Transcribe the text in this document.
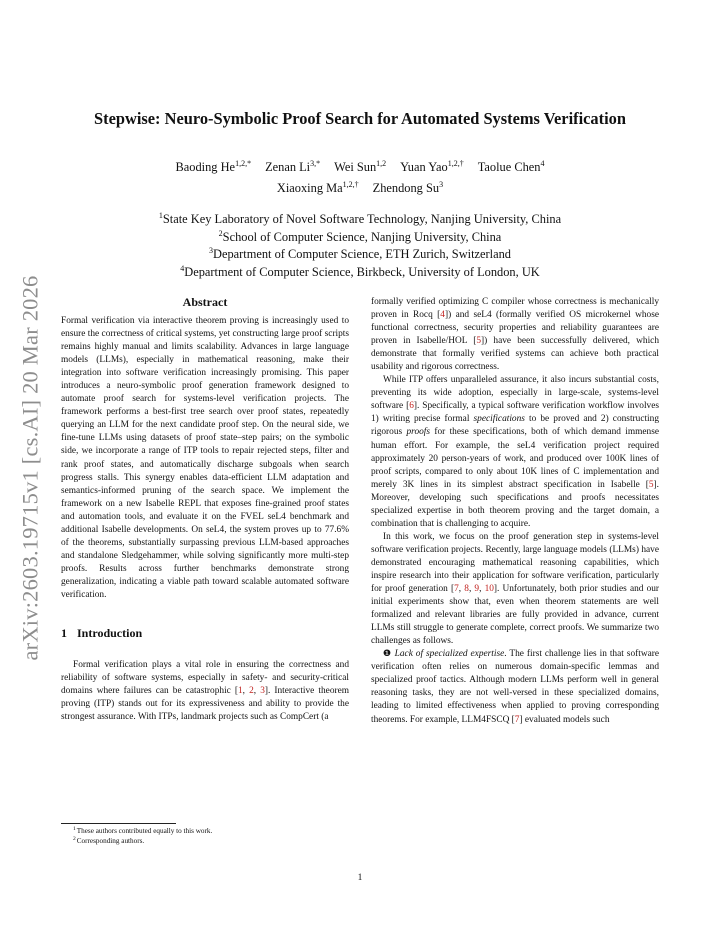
arXiv:2603.19715v1 [cs.AI] 20 Mar 2026
Stepwise: Neuro-Symbolic Proof Search for Automated Systems Verification
Baoding $He^{1,2,*}$ Zenan $Li^{3,*}$ Wei Sun$^{1,2}$ Yuan Yao$^{1,2,\dagger}$ Taolue Chen$^4$
Xiaoxing $Ma^{1,2,\dagger}$ Zhendong Su$^3$
$^1$State Key Laboratory of Novel Software Technology, Nanjing University, China
$^2$School of Computer Science, Nanjing University, China
$^3$Department of Computer Science, ETH Zurich, Switzerland
$^4$Department of Computer Science, Birkbeck, University of London, UK
Abstract

Formal verification via interactive theorem proving is increasingly used to ensure the correctness of critical systems, yet constructing large proof scripts remains highly manual and limits scalability. Advances in large language models (LLMs), especially in mathematical reasoning, make their integration into software verification increasingly promising. This paper introduces a neuro-symbolic proof generation framework designed to automate proof search for systems-level verification projects. The framework performs a best-first tree search over proof states, repeatedly querying an LLM for the next candidate proof step. On the neural side, we fine-tune LLMs using datasets of proof state–step pairs; on the symbolic side, we incorporate a range of ITP tools to repair rejected steps, filter and rank proof states, and automatically discharge subgoals when search progress stalls. This synergy enables data-efficient LLM adaptation and semantics-informed pruning of the search space. We implement the framework on a new Isabelle REPL that exposes fine-grained proof states and automation tools, and evaluate it on the FVEL seL4 benchmark and additional Isabelle developments. On seL4, the system proves up to 77.6% of the theorems, substantially surpassing previous LLM-based approaches and standalone Sledgehammer, while solving significantly more multi-step proofs. Results across further benchmarks demonstrate strong generalization, indicating a viable path toward scalable automated software verification.

1 Introduction

Formal verification plays a vital role in ensuring the correctness and reliability of software systems, especially in safety- and security-critical domains where failures can be catastrophic [1, 2, 3]. Interactive theorem proving (ITP) stands out for its expressiveness and ability to provide the strongest assurance. With ITPs, landmark projects such as CompCert (a

$^1$These authors contributed equally to this work.
$^2$Corresponding authors.

formally verified optimizing C compiler whose correctness is mechanically proven in Rocq [4]) and seL4 (formally verified OS microkernel whose functional correctness, security properties and reliability guarantees are proven in Isabelle/HOL [5]) have been successfully delivered, which demonstrate that formally verified systems can achieve both practical usability and rigorous correctness.

While ITP offers unparalleled assurance, it also incurs substantial costs, preventing its wide adoption, especially in large-scale, systems-level software [6]. Specifically, a typical software verification workflow involves 1) writing precise formal specifications to be proved and 2) constructing rigorous proofs for these specifications, both of which demand immense human effort. For example, the seL4 verification project required approximately 20 person-years of work, and produced over 100K lines of proof scripts, compared to only about 10K lines of C implementation and merely 3K lines in its simplest abstract specification in Isabelle [5]. Moreover, developing such specifications and proofs necessitates specialized expertise in both theorem proving and the target domain, a combination that is challenging to acquire.

In this work, we focus on the proof generation step in systems-level software verification projects. Recently, large language models (LLMs) have demonstrated encouraging mathematical reasoning capabilities, which inspire research into their application for software verification, particularly for proof generation [7, 8, 9, 10]. Unfortunately, both prior studies and our initial experiments show that, even when theorem statements are well formalized and relevant libraries are fully provided in advance, current LLMs still struggle to generate complete, correct proofs. We summarize two challenges as follows.

❶ Lack of specialized expertise. The first challenge lies in that software verification often relies on numerous domain-specific lemmas and specialized proof tactics. Although modern LLMs perform well in general reasoning tasks, they are not well-versed in these specialized domains, leading to limited effectiveness when applied to proving corresponding theorems. For example, LLM4FSCQ [7] evaluated models such

1
